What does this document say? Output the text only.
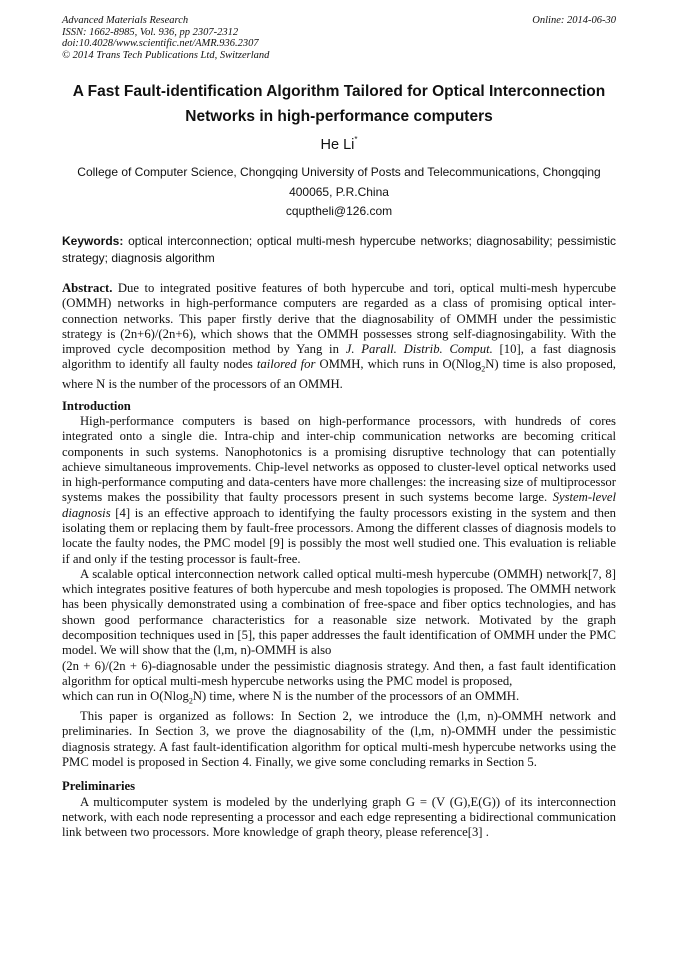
Advanced Materials Research
ISSN: 1662-8985, Vol. 936, pp 2307-2312
doi:10.4028/www.scientific.net/AMR.936.2307
© 2014 Trans Tech Publications Ltd, Switzerland
Online: 2014-06-30
A Fast Fault-identification Algorithm Tailored for Optical Interconnection
Networks in high-performance computers
He Li*
College of Computer Science, Chongqing University of Posts and Telecommunications, Chongqing
400065, P.R.China
cquptheli@126.com
Keywords: optical interconnection; optical multi-mesh hypercube networks; diagnosability; pessimistic strategy; diagnosis algorithm

Abstract. Due to integrated positive features of both hypercube and tori, optical multi-mesh hypercube (OMMH) networks in high-performance computers are regarded as a class of promising optical inter- connection networks. This paper firstly derive that the diagnosability of OMMH under the pessimistic strategy is (2n+6)/(2n+6), which shows that the OMMH possesses strong self-diagnosingability. With the improved cycle decomposition method by Yang in J. Parall. Distrib. Comput. [10], a fast diagnosis algorithm to identify all faulty nodes tailored for OMMH, which runs in O(Nlog$_2$N) time is also proposed, where N is the number of the processors of an OMMH.

Introduction

High-performance computers is based on high-performance processors, with hundreds of cores integrated onto a single die. Intra-chip and inter-chip communication networks are becoming critical components in such systems. Nanophotonics is a promising disruptive technology that can potentially achieve simultaneous improvements. Chip-level networks as opposed to cluster-level optical networks used in high-performance computing and data-centers have more challenges: the increasing size of multiprocessor systems makes the possibility that faulty processors present in such systems become large. System-level diagnosis [4] is an effective approach to identifying the faulty processors existing in the system and then isolating them or replacing them by fault-free processors. Among the different classes of diagnosis models to locate the faulty nodes, the PMC model [9] is possibly the most well studied one. This evaluation is reliable if and only if the testing processor is fault-free.

A scalable optical interconnection network called optical multi-mesh hypercube (OMMH) network[7, 8] which integrates positive features of both hypercube and mesh topologies is proposed. The OMMH network has been physically demonstrated using a combination of free-space and fiber optics technologies, and has shown good performance characteristics for a reasonable size network. Motivated by the graph decomposition techniques used in [5], this paper addresses the fault identification of OMMH under the PMC model. We will show that the (l,m, n)-OMMH is also

(2n + 6)/(2n + 6)-diagnosable under the pessimistic diagnosis strategy. And then, a fast fault identification algorithm for optical multi-mesh hypercube networks using the PMC model is proposed,

which can run in O(Nlog$_2$N) time, where N is the number of the processors of an OMMH.

This paper is organized as follows: In Section 2, we introduce the (l,m, n)-OMMH network and preliminaries. In Section 3, we prove the diagnosability of the (l,m, n)-OMMH under the pessimistic diagnosis strategy. A fast fault-identification algorithm for optical multi-mesh hypercube networks using the PMC model is proposed in Section 4. Finally, we give some concluding remarks in Section 5.

Preliminaries

A multicomputer system is modeled by the underlying graph G = (V (G),E(G)) of its interconnection network, with each node representing a processor and each edge representing a bidirectional communication link between two processors. More knowledge of graph theory, please reference[3] .
